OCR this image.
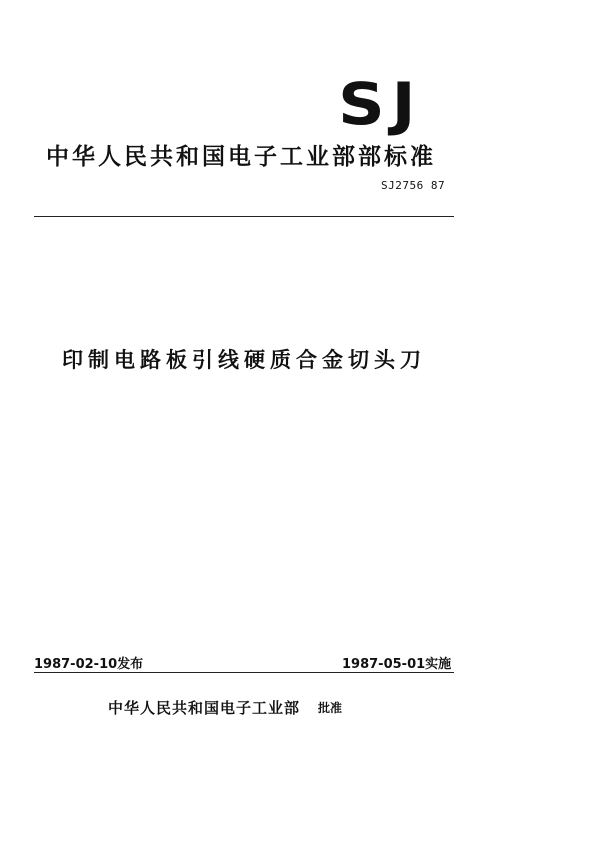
SJ
中华人民共和国电子工业部部标准
SJ2756 87
印制电路板引线硬质合金切头刀
1987-02-10发布	1987-05-01实施
中华人民共和国电子工业部 批准
